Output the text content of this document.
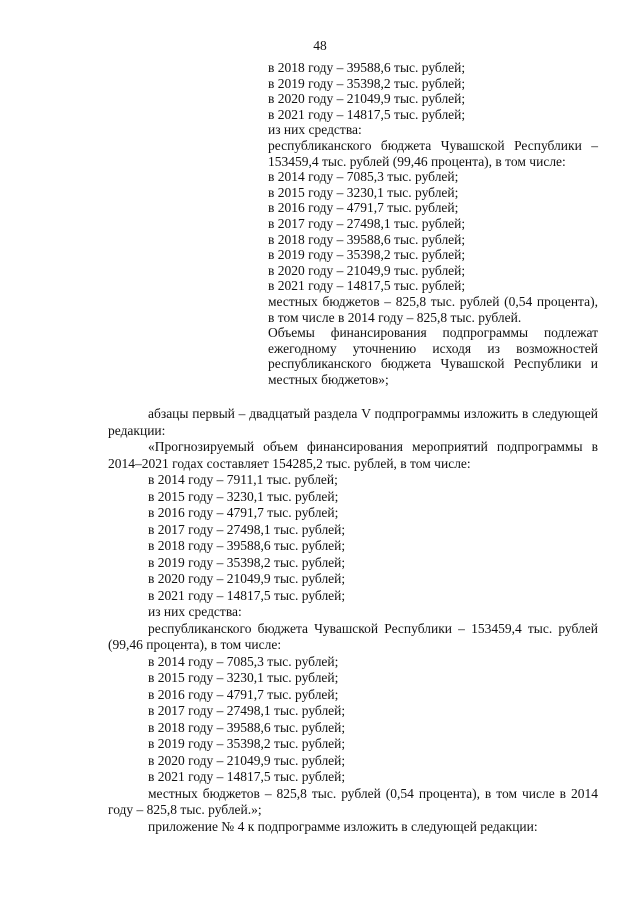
48
в 2018 году – 39588,6 тыс. рублей;
в 2019 году – 35398,2 тыс. рублей;
в 2020 году – 21049,9 тыс. рублей;
в 2021 году – 14817,5 тыс. рублей;
из них средства:
республиканского бюджета Чувашской Республики – 153459,4 тыс. рублей (99,46 процента), в том числе:
в 2014 году – 7085,3 тыс. рублей;
в 2015 году – 3230,1 тыс. рублей;
в 2016 году – 4791,7 тыс. рублей;
в 2017 году – 27498,1 тыс. рублей;
в 2018 году – 39588,6 тыс. рублей;
в 2019 году – 35398,2 тыс. рублей;
в 2020 году – 21049,9 тыс. рублей;
в 2021 году – 14817,5 тыс. рублей;
местных бюджетов – 825,8 тыс. рублей (0,54 процента), в том числе в 2014 году – 825,8 тыс. рублей.
Объемы финансирования подпрограммы подлежат ежегодному уточнению исходя из возможностей республиканского бюджета Чувашской Республики и местных бюджетов»;
абзацы первый – двадцатый раздела V подпрограммы изложить в следующей редакции:
«Прогнозируемый объем финансирования мероприятий подпрограммы в 2014–2021 годах составляет 154285,2 тыс. рублей, в том числе:
в 2014 году – 7911,1 тыс. рублей;
в 2015 году – 3230,1 тыс. рублей;
в 2016 году – 4791,7 тыс. рублей;
в 2017 году – 27498,1 тыс. рублей;
в 2018 году – 39588,6 тыс. рублей;
в 2019 году – 35398,2 тыс. рублей;
в 2020 году – 21049,9 тыс. рублей;
в 2021 году – 14817,5 тыс. рублей;
из них средства:
республиканского бюджета Чувашской Республики – 153459,4 тыс. рублей (99,46 процента), в том числе:
в 2014 году – 7085,3 тыс. рублей;
в 2015 году – 3230,1 тыс. рублей;
в 2016 году – 4791,7 тыс. рублей;
в 2017 году – 27498,1 тыс. рублей;
в 2018 году – 39588,6 тыс. рублей;
в 2019 году – 35398,2 тыс. рублей;
в 2020 году – 21049,9 тыс. рублей;
в 2021 году – 14817,5 тыс. рублей;
местных бюджетов – 825,8 тыс. рублей (0,54 процента), в том числе в 2014 году – 825,8 тыс. рублей.»;
приложение № 4 к подпрограмме изложить в следующей редакции:
